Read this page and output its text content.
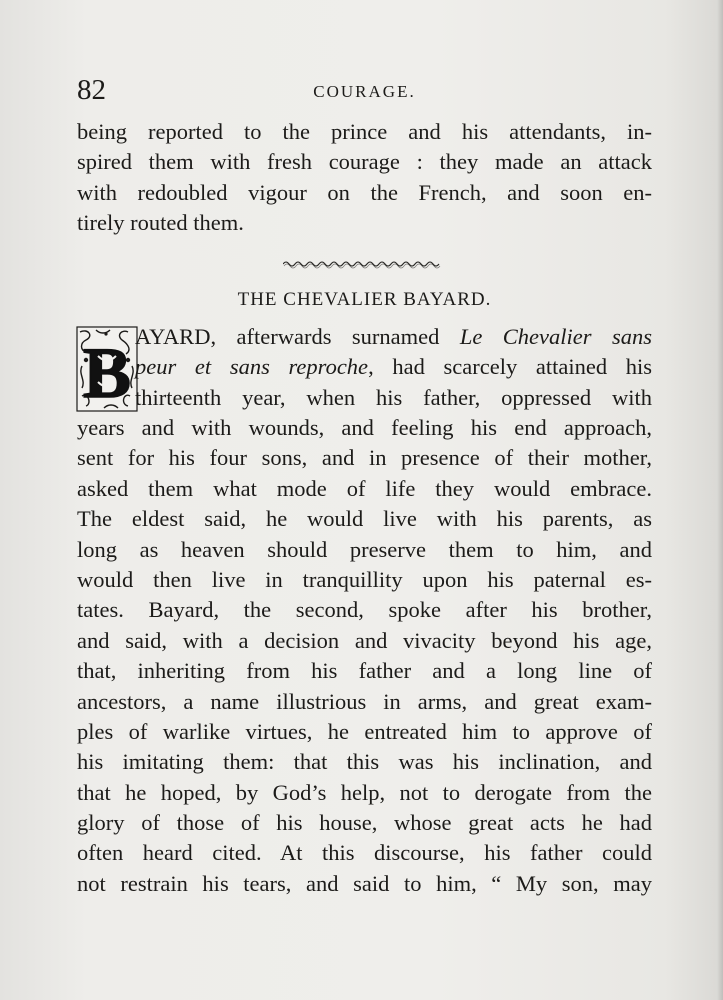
82	COURAGE.
being reported to the prince and his attendants, in-
spired them with fresh courage : they made an attack
with redoubled vigour on the French, and soon en-
tirely routed them.
THE CHEVALIER BAYARD.
B AYARD, afterwards surnamed Le Chevalier sans
peur et sans reproche, had scarcely attained his
thirteenth year, when his father, oppressed with
years and with wounds, and feeling his end approach,
sent for his four sons, and in presence of their mother,
asked them what mode of life they would embrace.
The eldest said, he would live with his parents, as
long as heaven should preserve them to him, and
would then live in tranquillity upon his paternal es-
tates. Bayard, the second, spoke after his brother,
and said, with a decision and vivacity beyond his age,
that, inheriting from his father and a long line of
ancestors, a name illustrious in arms, and great exam-
ples of warlike virtues, he entreated him to approve of
his imitating them: that this was his inclination, and
that he hoped, by God’s help, not to derogate from the
glory of those of his house, whose great acts he had
often heard cited. At this discourse, his father could
not restrain his tears, and said to him, “ My son, may
